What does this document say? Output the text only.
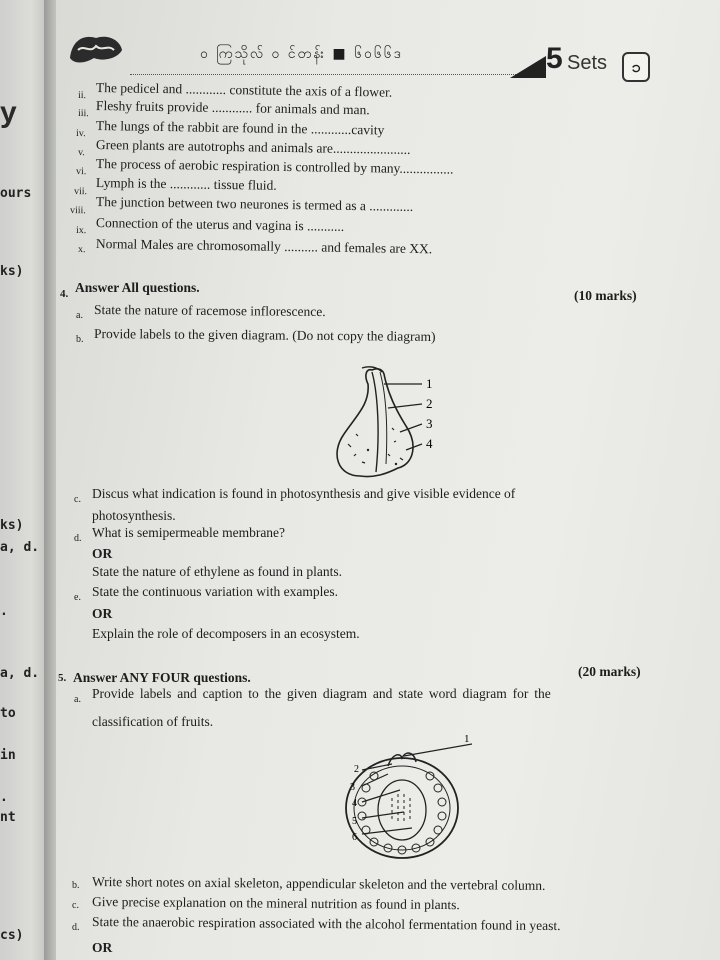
y
ours
ks)
ks)
a, d.
.
a, d.
to
in
.
nt
cs)
ဝ ကြသိုလ် ဝ င်တန်း ■ ၆ဝ၆၆ဒ	5 Sets	၁
ii. The pedicel and ............ constitute the axis of a flower.
iii. Fleshy fruits provide ............ for animals and man.
iv. The lungs of the rabbit are found in the ............cavity
v. Green plants are autotrophs and animals are.......................
vi. The process of aerobic respiration is controlled by many................
vii. Lymph is the ............ tissue fluid.
viii. The junction between two neurones is termed as a .............
ix. Connection of the uterus and vagina is ...........
x. Normal Males are chromosomally .......... and females are XX.
4. Answer All questions.
(10 marks)
a. State the nature of racemose inflorescence.
b. Provide labels to the given diagram. (Do not copy the diagram)
1
2
3
4
c. Discus what indication is found in photosynthesis and give visible evidence of
photosynthesis.
d. What is semipermeable membrane?
OR
State the nature of ethylene as found in plants.
e. State the continuous variation with examples.
OR
Explain the role of decomposers in an ecosystem.
5. Answer ANY FOUR questions.	(20 marks)
a. Provide labels and caption to the given diagram and state word diagram for the
classification of fruits.
1
2
3
4
5
6
b. Write short notes on axial skeleton, appendicular skeleton and the vertebral column.
c. Give precise explanation on the mineral nutrition as found in plants.
d. State the anaerobic respiration associated with the alcohol fermentation found in yeast.
OR
